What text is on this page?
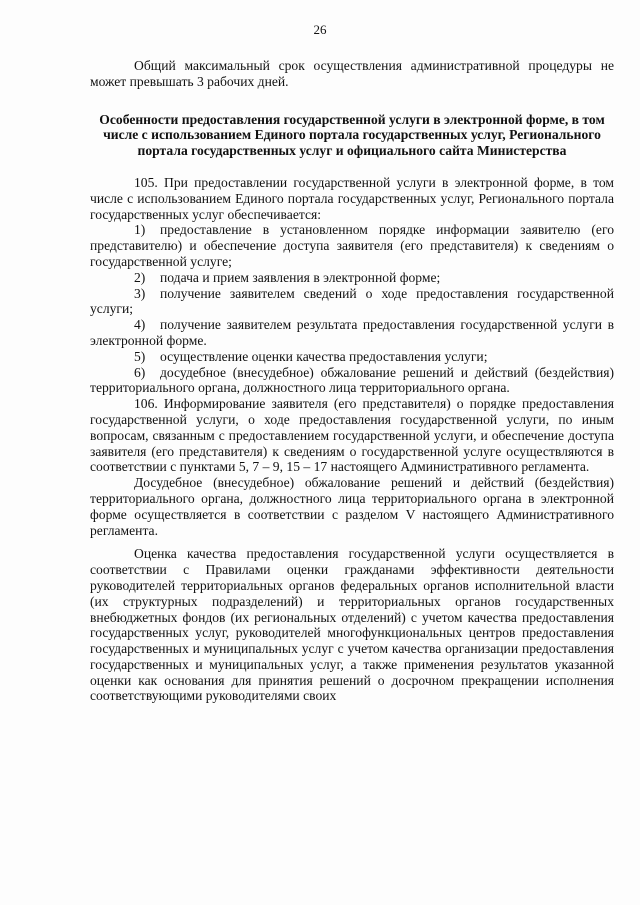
26

Общий максимальный срок осуществления административной процедуры не может превышать 3 рабочих дней.

Особенности предоставления государственной услуги в электронной форме, в том числе с использованием Единого портала государственных услуг, Регионального портала государственных услуг и официального сайта Министерства

105. При предоставлении государственной услуги в электронной форме, в том числе с использованием Единого портала государственных услуг, Регионального портала государственных услуг обеспечивается:

1) предоставление в установленном порядке информации заявителю (его представителю) и обеспечение доступа заявителя (его представителя) к сведениям о государственной услуге;

2) подача и прием заявления в электронной форме;

3) получение заявителем сведений о ходе предоставления государственной услуги;

4) получение заявителем результата предоставления государственной услуги в электронной форме.

5) осуществление оценки качества предоставления услуги;

6) досудебное (внесудебное) обжалование решений и действий (бездействия) территориального органа, должностного лица территориального органа.

106. Информирование заявителя (его представителя) о порядке предоставления государственной услуги, о ходе предоставления государственной услуги, по иным вопросам, связанным с предоставлением государственной услуги, и обеспечение доступа заявителя (его представителя) к сведениям о государственной услуге осуществляются в соответствии с пунктами 5, 7 – 9, 15 – 17 настоящего Административного регламента.

Досудебное (внесудебное) обжалование решений и действий (бездействия) территориального органа, должностного лица территориального органа в электронной форме осуществляется в соответствии с разделом V настоящего Административного регламента.

Оценка качества предоставления государственной услуги осуществляется в соответствии с Правилами оценки гражданами эффективности деятельности руководителей территориальных органов федеральных органов исполнительной власти (их структурных подразделений) и территориальных органов государственных внебюджетных фондов (их региональных отделений) с учетом качества предоставления государственных услуг, руководителей многофункциональных центров предоставления государственных и муниципальных услуг с учетом качества организации предоставления государственных и муниципальных услуг, а также применения результатов указанной оценки как основания для принятия решений о досрочном прекращении исполнения соответствующими руководителями своих
